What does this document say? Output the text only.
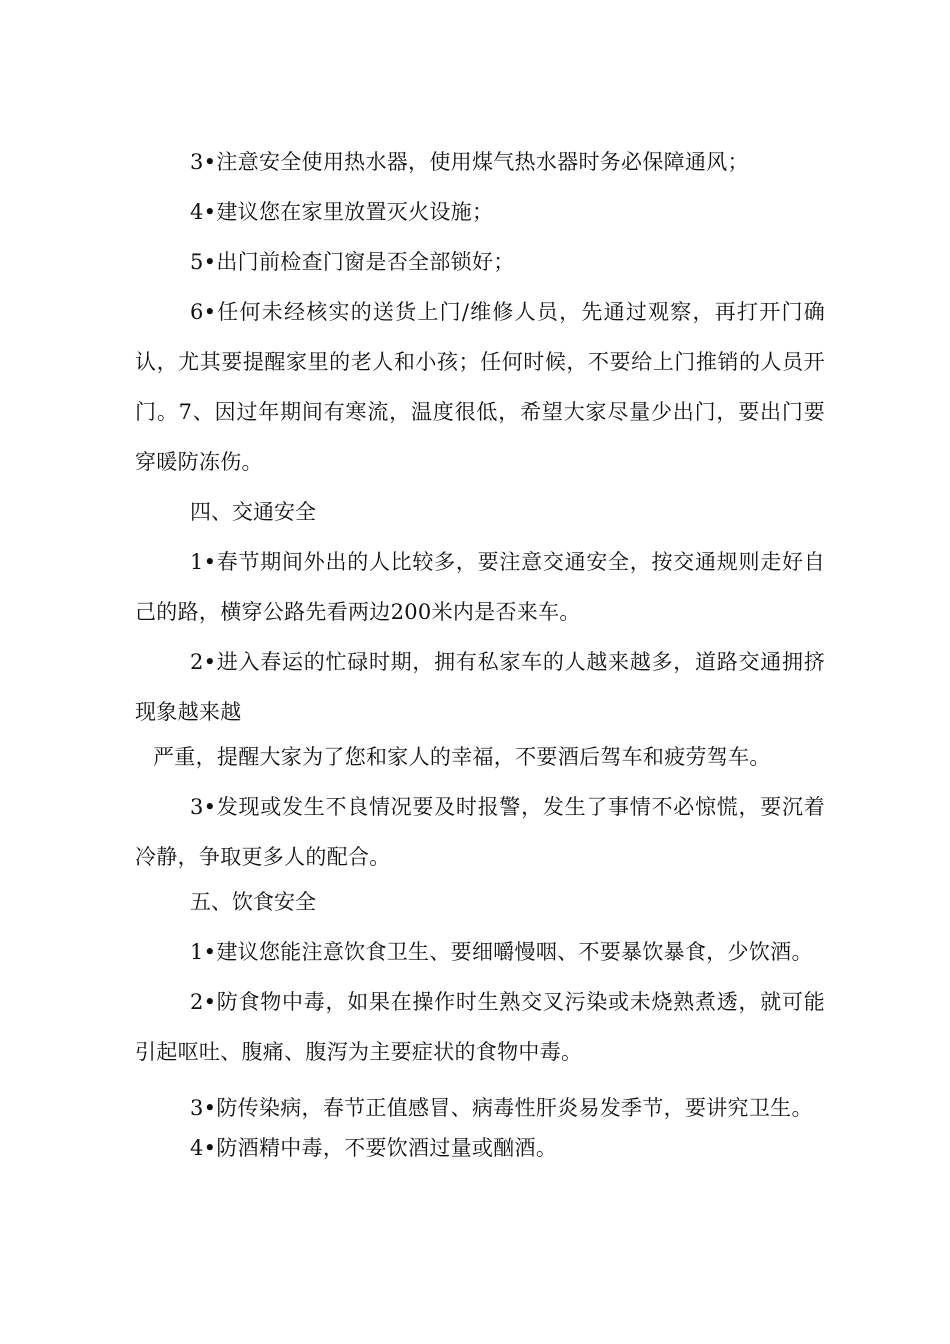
3•注意安全使用热水器，使用煤气热水器时务必保障通风；

4•建议您在家里放置灭火设施；

5•出门前检查门窗是否全部锁好；

6•任何未经核实的送货上门/维修人员，先通过观察，再打开门确认，尤其要提醒家里的老人和小孩；任何时候，不要给上门推销的人员开门。7、因过年期间有寒流，温度很低，希望大家尽量少出门，要出门要穿暖防冻伤。

四、交通安全

1•春节期间外出的人比较多，要注意交通安全，按交通规则走好自己的路，横穿公路先看两边200米内是否来车。

2•进入春运的忙碌时期，拥有私家车的人越来越多，道路交通拥挤现象越来越

严重，提醒大家为了您和家人的幸福，不要酒后驾车和疲劳驾车。

3•发现或发生不良情况要及时报警，发生了事情不必惊慌，要沉着冷静，争取更多人的配合。

五、饮食安全

1•建议您能注意饮食卫生、要细嚼慢咽、不要暴饮暴食，少饮酒。

2•防食物中毒，如果在操作时生熟交叉污染或未烧熟煮透，就可能引起呕吐、腹痛、腹泻为主要症状的食物中毒。

3•防传染病，春节正值感冒、病毒性肝炎易发季节，要讲究卫生。

4•防酒精中毒，不要饮酒过量或酗酒。
